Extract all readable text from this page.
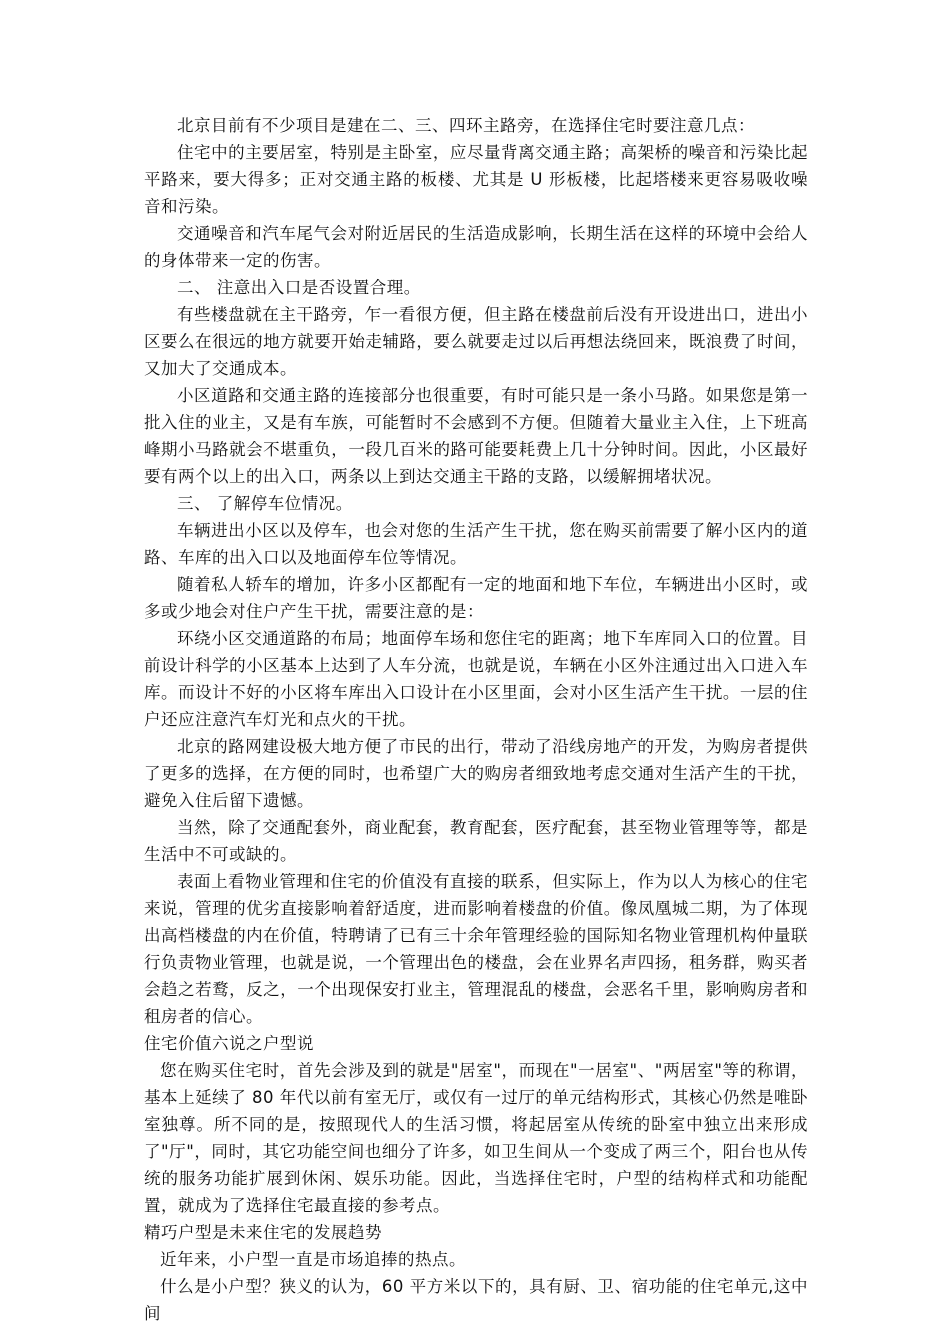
北京目前有不少项目是建在二、三、四环主路旁，在选择住宅时要注意几点：

住宅中的主要居室，特别是主卧室，应尽量背离交通主路；高架桥的噪音和污染比起平路来，要大得多；正对交通主路的板楼、尤其是 U 形板楼，比起塔楼来更容易吸收噪音和污染。

交通噪音和汽车尾气会对附近居民的生活造成影响，长期生活在这样的环境中会给人的身体带来一定的伤害。

二、 注意出入口是否设置合理。

有些楼盘就在主干路旁，乍一看很方便，但主路在楼盘前后没有开设进出口，进出小区要么在很远的地方就要开始走辅路，要么就要走过以后再想法绕回来，既浪费了时间，又加大了交通成本。

小区道路和交通主路的连接部分也很重要，有时可能只是一条小马路。如果您是第一批入住的业主，又是有车族，可能暂时不会感到不方便。但随着大量业主入住，上下班高峰期小马路就会不堪重负，一段几百米的路可能要耗费上几十分钟时间。因此，小区最好要有两个以上的出入口，两条以上到达交通主干路的支路，以缓解拥堵状况。

三、 了解停车位情况。

车辆进出小区以及停车，也会对您的生活产生干扰，您在购买前需要了解小区内的道路、车库的出入口以及地面停车位等情况。

随着私人轿车的增加，许多小区都配有一定的地面和地下车位，车辆进出小区时，或多或少地会对住户产生干扰，需要注意的是：

环绕小区交通道路的布局；地面停车场和您住宅的距离；地下车库同入口的位置。目前设计科学的小区基本上达到了人车分流，也就是说，车辆在小区外注通过出入口进入车库。而设计不好的小区将车库出入口设计在小区里面，会对小区生活产生干扰。一层的住户还应注意汽车灯光和点火的干扰。

北京的路网建设极大地方便了市民的出行，带动了沿线房地产的开发，为购房者提供了更多的选择，在方便的同时，也希望广大的购房者细致地考虑交通对生活产生的干扰，避免入住后留下遗憾。

当然，除了交通配套外，商业配套，教育配套，医疗配套，甚至物业管理等等，都是生活中不可或缺的。

表面上看物业管理和住宅的价值没有直接的联系，但实际上，作为以人为核心的住宅来说，管理的优劣直接影响着舒适度，进而影响着楼盘的价值。像凤凰城二期，为了体现出高档楼盘的内在价值，特聘请了已有三十余年管理经验的国际知名物业管理机构仲量联行负责物业管理，也就是说，一个管理出色的楼盘，会在业界名声四扬，租务群，购买者会趋之若鹜，反之，一个出现保安打业主，管理混乱的楼盘，会恶名千里，影响购房者和租房者的信心。

住宅价值六说之户型说

您在购买住宅时，首先会涉及到的就是"居室"，而现在"一居室"、"两居室"等的称谓，基本上延续了 80 年代以前有室无厅，或仅有一过厅的单元结构形式，其核心仍然是唯卧室独尊。所不同的是，按照现代人的生活习惯，将起居室从传统的卧室中独立出来形成了"厅"，同时，其它功能空间也细分了许多，如卫生间从一个变成了两三个，阳台也从传统的服务功能扩展到休闲、娱乐功能。因此，当选择住宅时，户型的结构样式和功能配置，就成为了选择住宅最直接的参考点。

精巧户型是未来住宅的发展趋势

近年来，小户型一直是市场追捧的热点。

什么是小户型？狭义的认为，60 平方米以下的，具有厨、卫、宿功能的住宅单元,这中间
